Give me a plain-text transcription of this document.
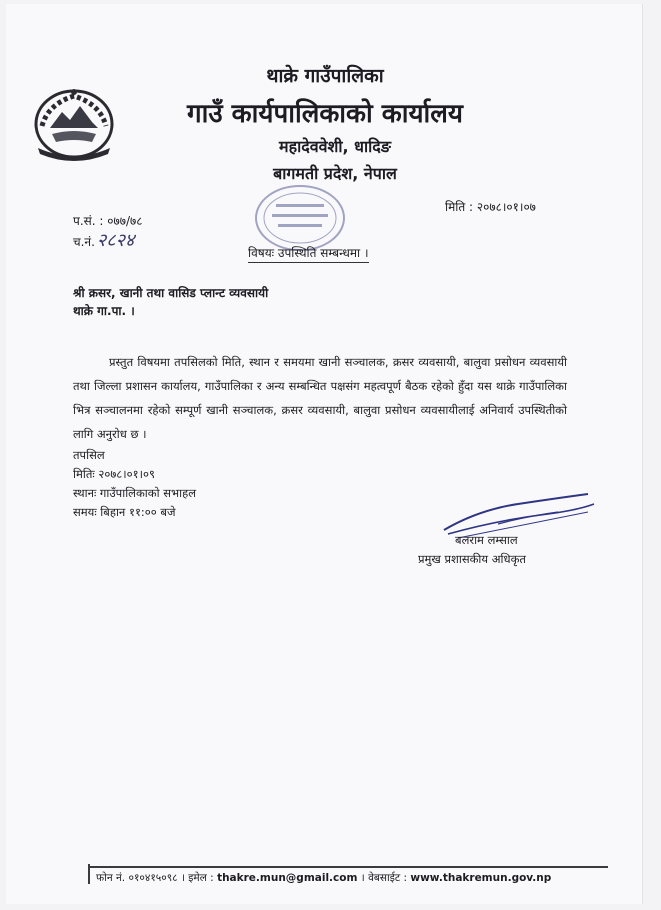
थाक्रे गाउँपालिका
गाउँ कार्यपालिकाको कार्यालय
महादेववेशी, धादिङ
बागमती प्रदेश, नेपाल
प.सं. : ०७७/७८
च.नं. २८२४
मिति : २०७८।०१।०७
विषयः उपस्थिति सम्बन्धमा ।
श्री क्रसर, खानी तथा वासिड प्लान्ट व्यवसायी
थाक्रे गा.पा. ।
प्रस्तुत विषयमा तपसिलको मिति, स्थान र समयमा खानी सञ्चालक, क्रसर व्यवसायी, बालुवा प्रसोधन व्यवसायी तथा जिल्ला प्रशासन कार्यालय, गाउँपालिका र अन्य सम्बन्धित पक्षसंग महत्वपूर्ण बैठक रहेको हुँदा यस थाक्रे गाउँपालिका भित्र सञ्चालनमा रहेको सम्पूर्ण खानी सञ्चालक, क्रसर व्यवसायी, बालुवा प्रसोधन व्यवसायीलाई अनिवार्य उपस्थितीको लागि अनुरोध छ ।
तपसिल
मितिः २०७८।०१।०९
स्थानः गाउँपालिकाको सभाहल
समयः बिहान ११:०० बजे
बलराम लम्साल
प्रमुख प्रशासकीय अधिकृत
फोन नं. ०१०४१५०९८ । इमेल : thakre.mun@gmail.com । वेबसाईट : www.thakremun.gov.np
